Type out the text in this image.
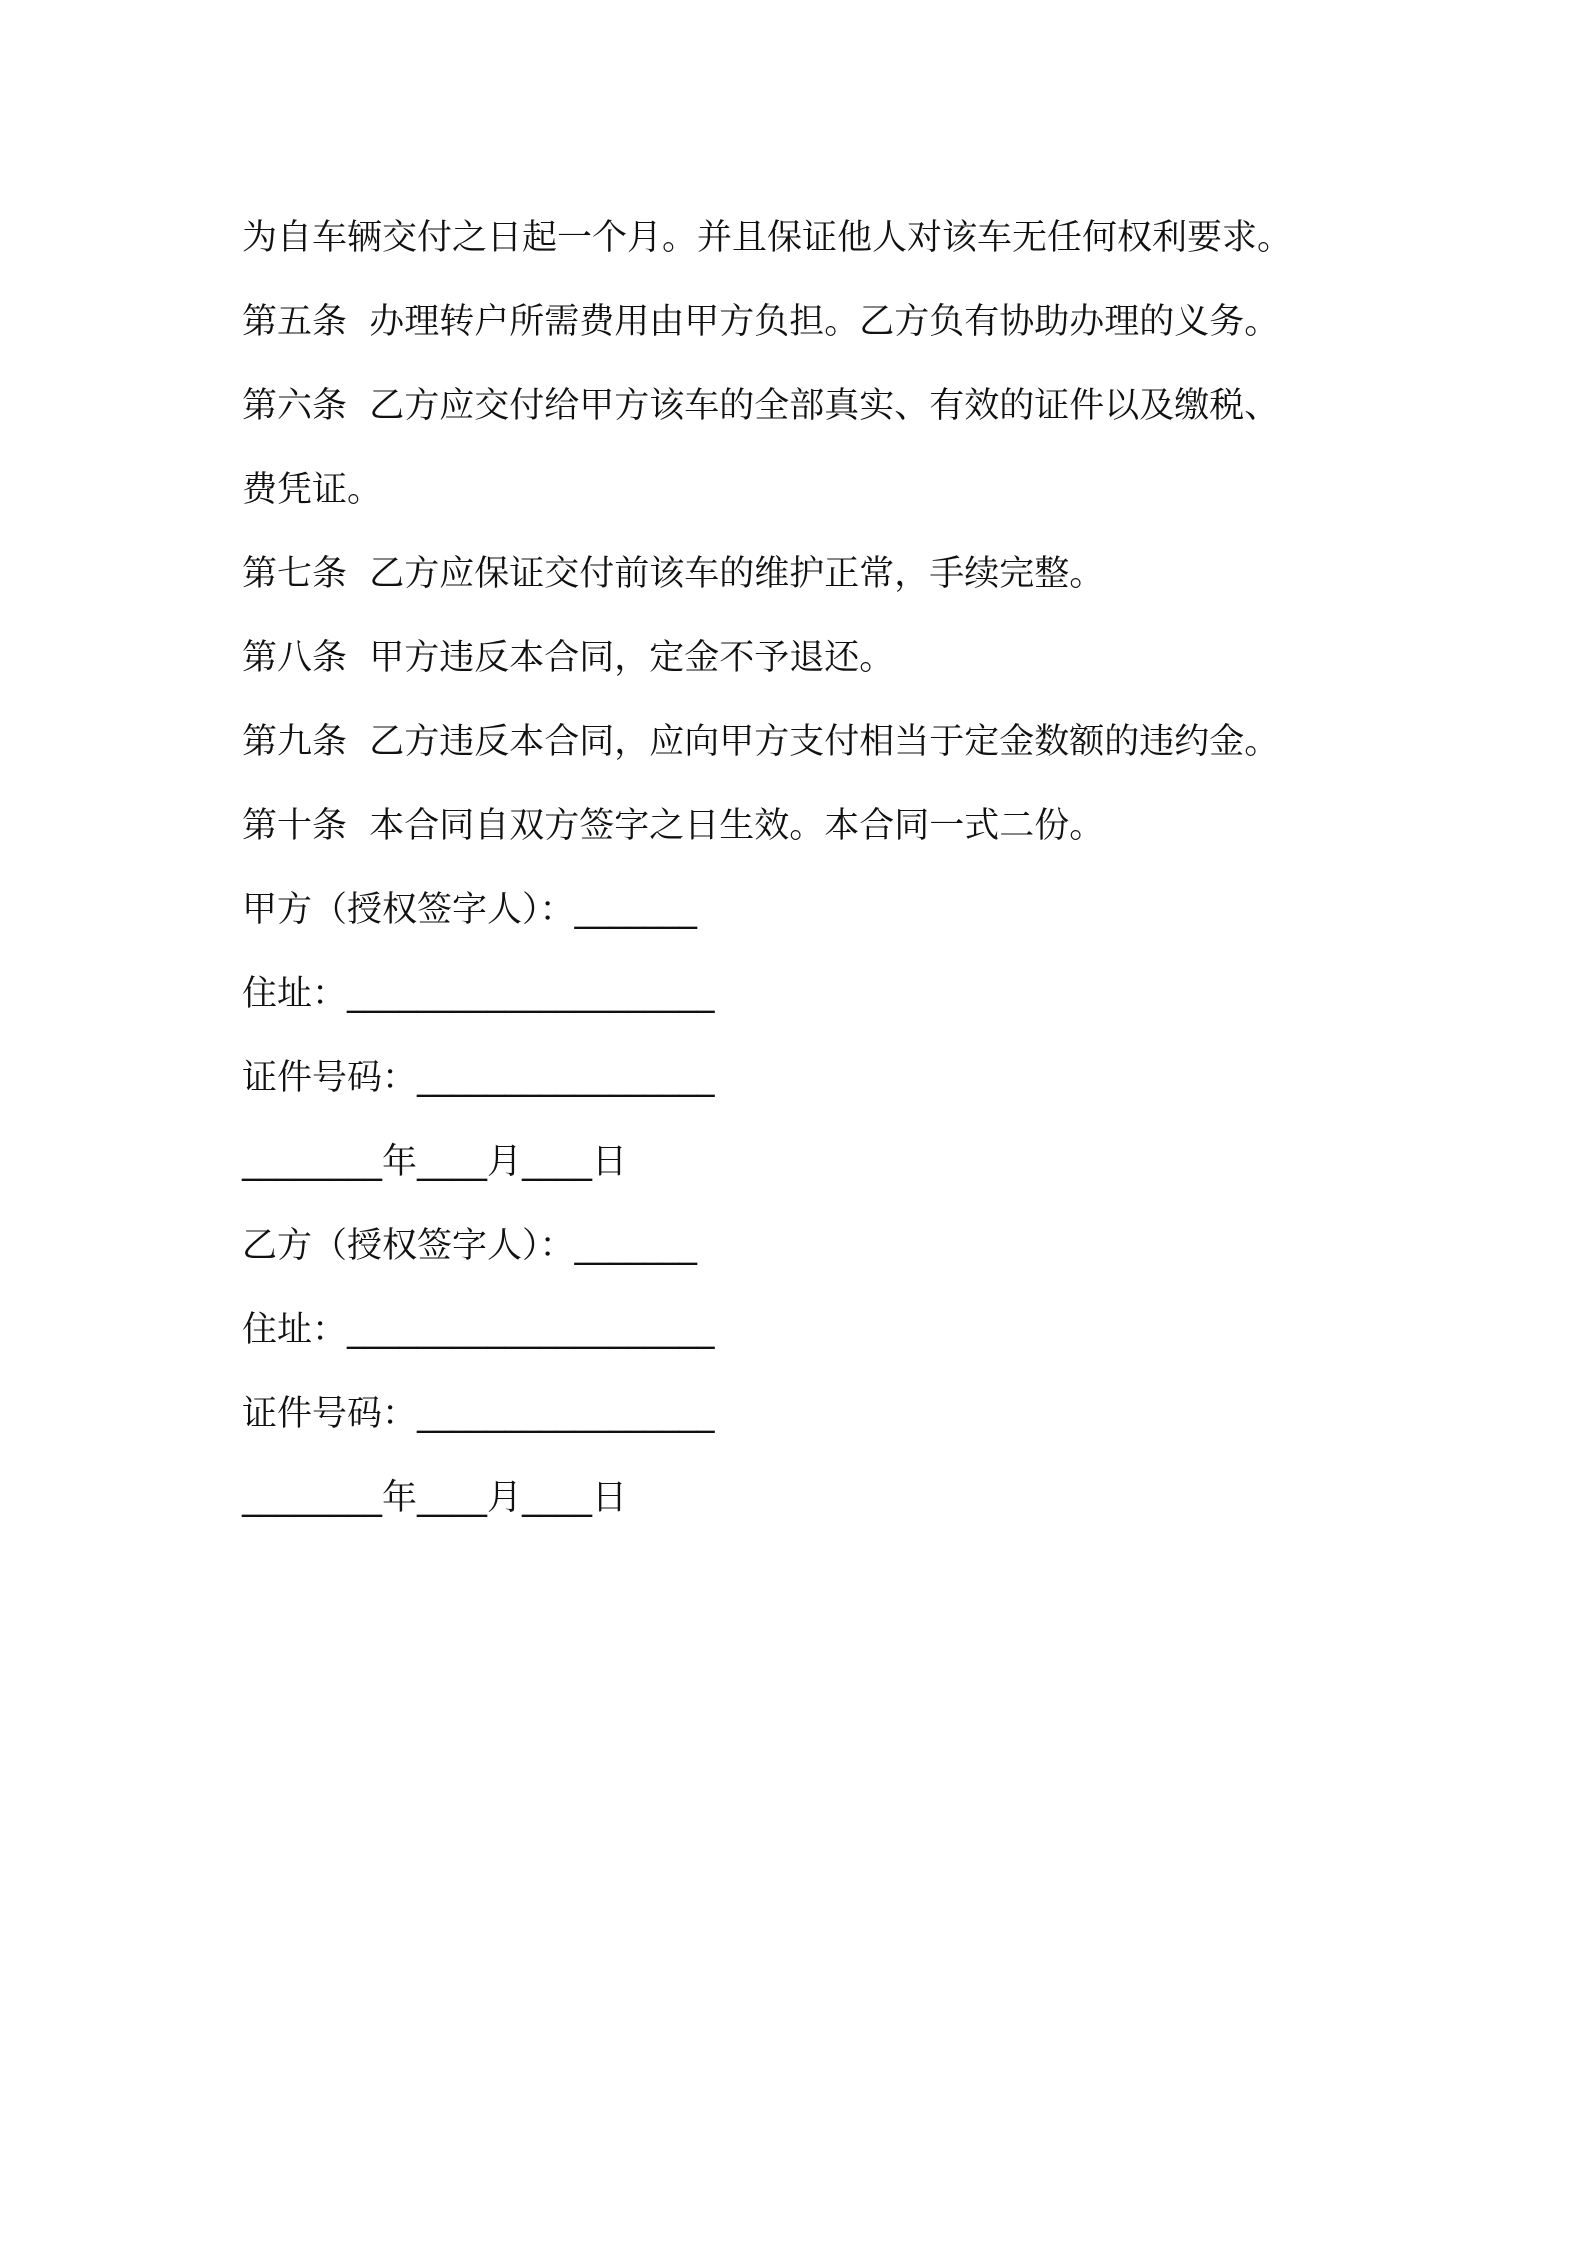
为自车辆交付之日起一个月。并且保证他人对该车无任何权利要求。

第五条  办理转户所需费用由甲方负担。乙方负有协助办理的义务。

第六条  乙方应交付给甲方该车的全部真实、有效的证件以及缴税、

费凭证。

第七条  乙方应保证交付前该车的维护正常，手续完整。

第八条  甲方违反本合同，定金不予退还。

第九条  乙方违反本合同，应向甲方支付相当于定金数额的违约金。

第十条  本合同自双方签字之日生效。本合同一式二份。

甲方（授权签字人）：_______

住址：_____________________

证件号码：_________________

________年____月____日

乙方（授权签字人）：_______

住址：_____________________

证件号码：_________________

________年____月____日
